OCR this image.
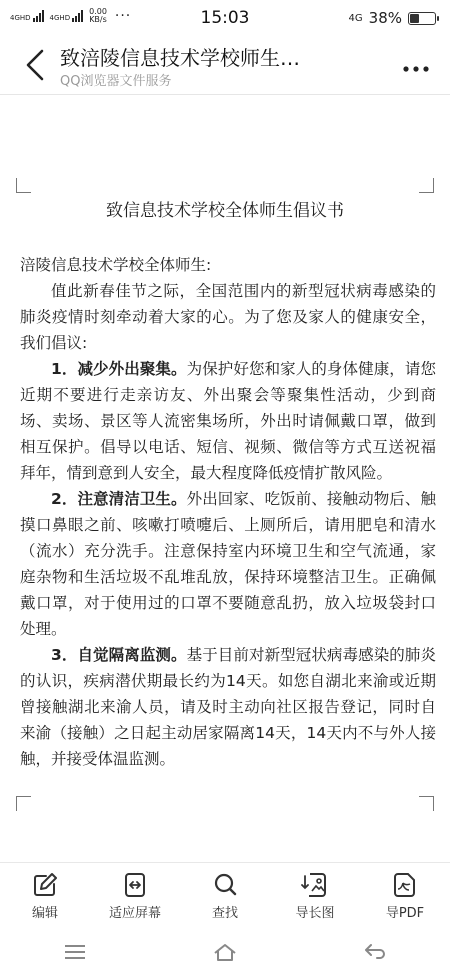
4GHD	4GHD
0.00
KB/s ···	15:03	4G 38%
致涪陵信息技术学校师生…
QQ浏览器文件服务
致信息技术学校全体师生倡议书

涪陵信息技术学校全体师生:

值此新春佳节之际，全国范围内的新型冠状病毒感染的肺炎疫情时刻牵动着大家的心。为了您及家人的健康安全，我们倡议:

1．减少外出聚集。为保护好您和家人的身体健康，请您近期不要进行走亲访友、外出聚会等聚集性活动，少到商场、卖场、景区等人流密集场所，外出时请佩戴口罩，做到相互保护。倡导以电话、短信、视频、微信等方式互送祝福拜年，情到意到人安全，最大程度降低疫情扩散风险。

2．注意清洁卫生。外出回家、吃饭前、接触动物后、触摸口鼻眼之前、咳嗽打喷嚏后、上厕所后，请用肥皂和清水（流水）充分洗手。注意保持室内环境卫生和空气流通，家庭杂物和生活垃圾不乱堆乱放，保持环境整洁卫生。正确佩戴口罩，对于使用过的口罩不要随意乱扔，放入垃圾袋封口处理。

3．自觉隔离监测。基于目前对新型冠状病毒感染的肺炎的认识，疾病潜伏期最长约为14天。如您自湖北来渝或近期曾接触湖北来渝人员，请及时主动向社区报告登记，同时自来渝（接触）之日起主动居家隔离14天，14天内不与外人接触，并接受体温监测。

编辑	适应屏幕	查找	导长图	导PDF
